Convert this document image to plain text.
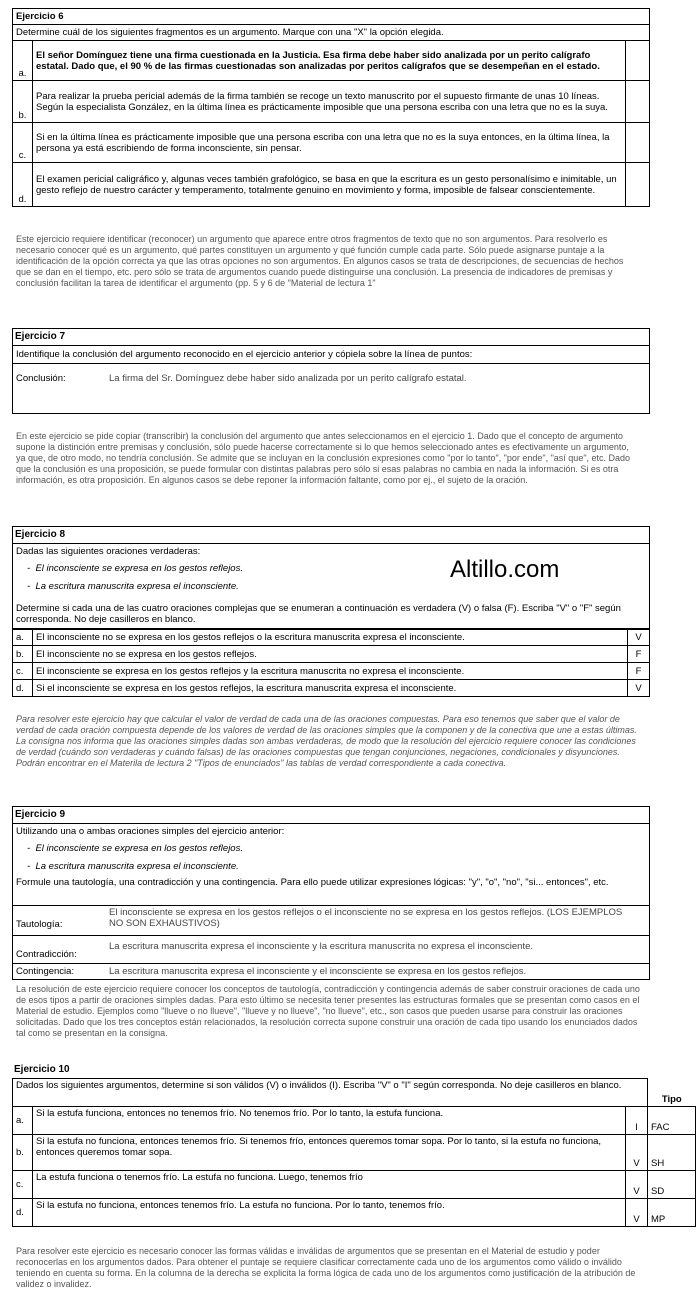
Ejercicio 6		
Determine cuál de los siguientes fragmentos es un argumento. Marque con una "X" la opción elegida.		
a.	El señor Domínguez tiene una firma cuestionada en la Justicia. Esa firma debe haber sido analizada por un perito calígrafo estatal. Dado que, el 90 % de las firmas cuestionadas son analizadas por peritos calígrafos que se desempeñan en el estado.	
b.	Para realizar la prueba pericial además de la firma también se recoge un texto manuscrito por el supuesto firmante de unas 10 líneas. Según la especialista González, en la última línea es prácticamente imposible que una persona escriba con una letra que no es la suya.	
c.	Si en la última línea es prácticamente imposible que una persona escriba con una letra que no es la suya entonces, en la última línea, la persona ya está escribiendo de forma inconsciente, sin pensar.	
d.	El examen pericial caligráfico y, algunas veces también grafológico, se basa en que la escritura es un gesto personalísimo e inimitable, un gesto reflejo de nuestro carácter y temperamento, totalmente genuino en movimiento y forma, imposible de falsear conscientemente.	
Este ejercicio requiere identificar (reconocer) un argumento que aparece entre otros fragmentos de texto que no son argumentos. Para resolverlo es necesario conocer qué es un argumento, qué partes constituyen un argumento y qué función cumple cada parte. Sólo puede asignarse puntaje a la identificación de la opción correcta ya que las otras opciones no son argumentos. En algunos casos se trata de descripciones, de secuencias de hechos que se dan en el tiempo, etc. pero sólo se trata de argumentos cuando puede distinguirse una conclusión. La presencia de indicadores de premisas y conclusión facilitan la tarea de identificar el argumento (pp. 5 y 6 de "Material de lectura 1"
Ejercicio 7
Identifique la conclusión del argumento reconocido en el ejercicio anterior y cópiela sobre la línea de puntos:
Conclusión:	La firma del Sr. Domínguez debe haber sido analizada por un perito calígrafo estatal.
En este ejercicio se pide copiar (transcribir) la conclusión del argumento que antes seleccionamos en el ejercicio 1. Dado que el concepto de argumento supone la distinción entre premisas y conclusión, sólo puede hacerse correctamente si lo que hemos seleccionado antes es efectivamente un argumento, ya que, de otro modo, no tendría conclusión. Se admite que se incluyan en la conclusión expresiones como "por lo tanto", "por ende", "así que", etc. Dado que la conclusión es una proposición, se puede formular con distintas palabras pero sólo si esas palabras no cambia en nada la información. Si es otra información, es otra proposición. En algunos casos se debe reponer la información faltante, como por ej., el sujeto de la oración.
Ejercicio 8
Dadas las siguientes oraciones verdaderas:
- El inconsciente se expresa en los gestos reflejos.
- La escritura manuscrita expresa el inconsciente.
Determine si cada una de las cuatro oraciones complejas que se enumeran a continuación es verdadera (V) o falsa (F). Escriba "V" o "F" según corresponda. No deje casilleros en blanco.
Altillo.com
a.	El inconsciente no se expresa en los gestos reflejos o la escritura manuscrita expresa el inconsciente.	V
b.	El inconsciente no se expresa en los gestos reflejos.	F
c.	El inconsciente se expresa en los gestos reflejos y la escritura manuscrita no expresa el inconsciente.	F
d.	Si el inconsciente se expresa en los gestos reflejos, la escritura manuscrita expresa el inconsciente.	V
Para resolver este ejercicio hay que calcular el valor de verdad de cada una de las oraciones compuestas. Para eso tenemos que saber que el valor de verdad de cada oración compuesta depende de los valores de verdad de las oraciones simples que la componen y de la conectiva que une a estas últimas. La consigna nos informa que las oraciones simples dadas son ambas verdaderas, de modo que la resolución del ejercicio requiere conocer las condiciones de verdad (cuándo son verdaderas y cuándo falsas) de las oraciones compuestas que tengan conjunciones, negaciones, condicionales y disyunciones. Podrán encontrar en el Materila de lectura 2 "Tipos de enunciados" las tablas de verdad correspondiente a cada conectiva.
Ejercicio 9
Utilizando una o ambas oraciones simples del ejercicio anterior:
- El inconsciente se expresa en los gestos reflejos.
- La escritura manuscrita expresa el inconsciente.
Formule una tautología, una contradicción y una contingencia. Para ello puede utilizar expresiones lógicas: "y", "o", "no", "si... entonces", etc.
Tautología:
El inconsciente se expresa en los gestos reflejos o el inconsciente no se expresa en los gestos reflejos. (LOS EJEMPLOS NO SON EXHAUSTIVOS)
Contradicción:
La escritura manuscrita expresa el inconsciente y la escritura manuscrita no expresa el inconsciente.
Contingencia:	La escritura manuscrita expresa el inconsciente y el inconsciente se expresa en los gestos reflejos.
La resolución de este ejercicio requiere conocer los conceptos de tautología, contradicción y contingencia además de saber construir oraciones de cada uno de esos tipos a partir de oraciones simples dadas. Para esto último se necesita tener presentes las estructuras formales que se presentan como casos en el Material de estudio. Ejemplos como "llueve o no llueve", "llueve y no llueve", "no llueve", etc., son casos que pueden usarse para construir las oraciones solicitadas. Dado que los tres conceptos están relacionados, la resolución correcta supone construir una oración de cada tipo usando los enunciados dados tal como se presentan en la consigna.
Ejercicio 10
Dados los siguientes argumentos, determine si son válidos (V) o inválidos (I). Escriba "V" o "I" según corresponda. No deje casilleros en blanco.			Tipo
a.	Si la estufa funciona, entonces no tenemos frío. No tenemos frío. Por lo tanto, la estufa funciona.	I	FAC
b.	Si la estufa no funciona, entonces tenemos frío. Si tenemos frío, entonces queremos tomar sopa. Por lo tanto, si la estufa no funciona, entonces queremos tomar sopa.	V	SH
c.	La estufa funciona o tenemos frío. La estufa no funciona. Luego, tenemos frío	V	SD
d.	Si la estufa no funciona, entonces tenemos frío. La estufa no funciona. Por lo tanto, tenemos frío.	V	MP
Para resolver este ejercicio es necesario conocer las formas válidas e inválidas de argumentos que se presentan en el Material de estudio y poder reconocerlas en los argumentos dados. Para obtener el puntaje se requiere clasificar correctamente cada uno de los argumentos como válido o inválido teniendo en cuenta su forma. En la columna de la derecha se explicita la forma lógica de cada uno de los argumentos como justificación de la atribución de validez o invalidez.
